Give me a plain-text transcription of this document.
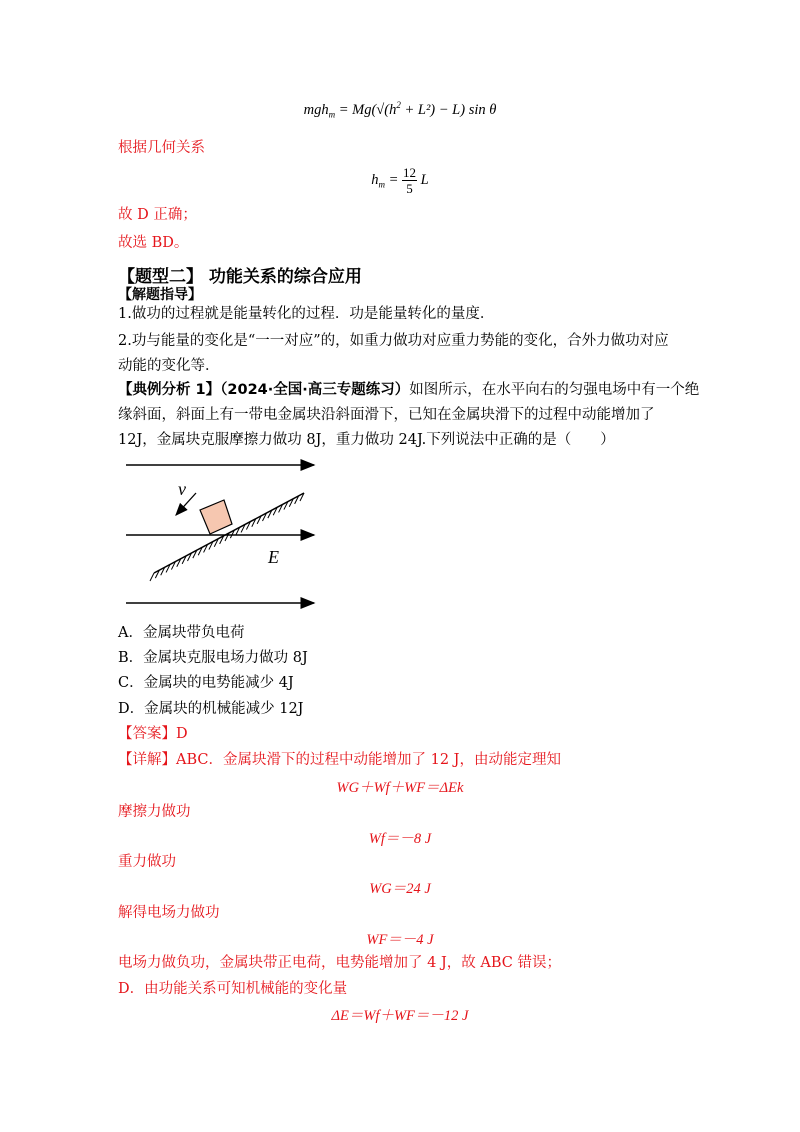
$mgh_m = Mg(√(h^2 + L^2) - L)$ sin θ
根据几何关系
$h_m = \frac{12}{5}$ L
故 D 正确；
故选 BD。
【题型二】 功能关系的综合应用
【解题指导】
1.做功的过程就是能量转化的过程．功是能量转化的量度．
2.功与能量的变化是“一一对应”的，如重力做功对应重力势能的变化，合外力做功对应
动能的变化等．
【典例分析 1】（2024·全国·高三专题练习）如图所示，在水平向右的匀强电场中有一个绝
缘斜面，斜面上有一带电金属块沿斜面滑下，已知在金属块滑下的过程中动能增加了
12J，金属块克服摩擦力做功 8J，重力做功 24J.下列说法中正确的是（　　）
v
E
A．金属块带负电荷
B．金属块克服电场力做功 8J
C．金属块的电势能减少 4J
D．金属块的机械能减少 12J
【答案】D
【详解】ABC．金属块滑下的过程中动能增加了 12 J，由动能定理知
WG＋Wf＋WF＝ΔEk
摩擦力做功
Wf＝－8 J
重力做功
WG＝24 J
解得电场力做功
WF＝－4 J
电场力做负功，金属块带正电荷，电势能增加了 4 J，故 ABC 错误；
D．由功能关系可知机械能的变化量
ΔE＝Wf＋WF＝－12 J
